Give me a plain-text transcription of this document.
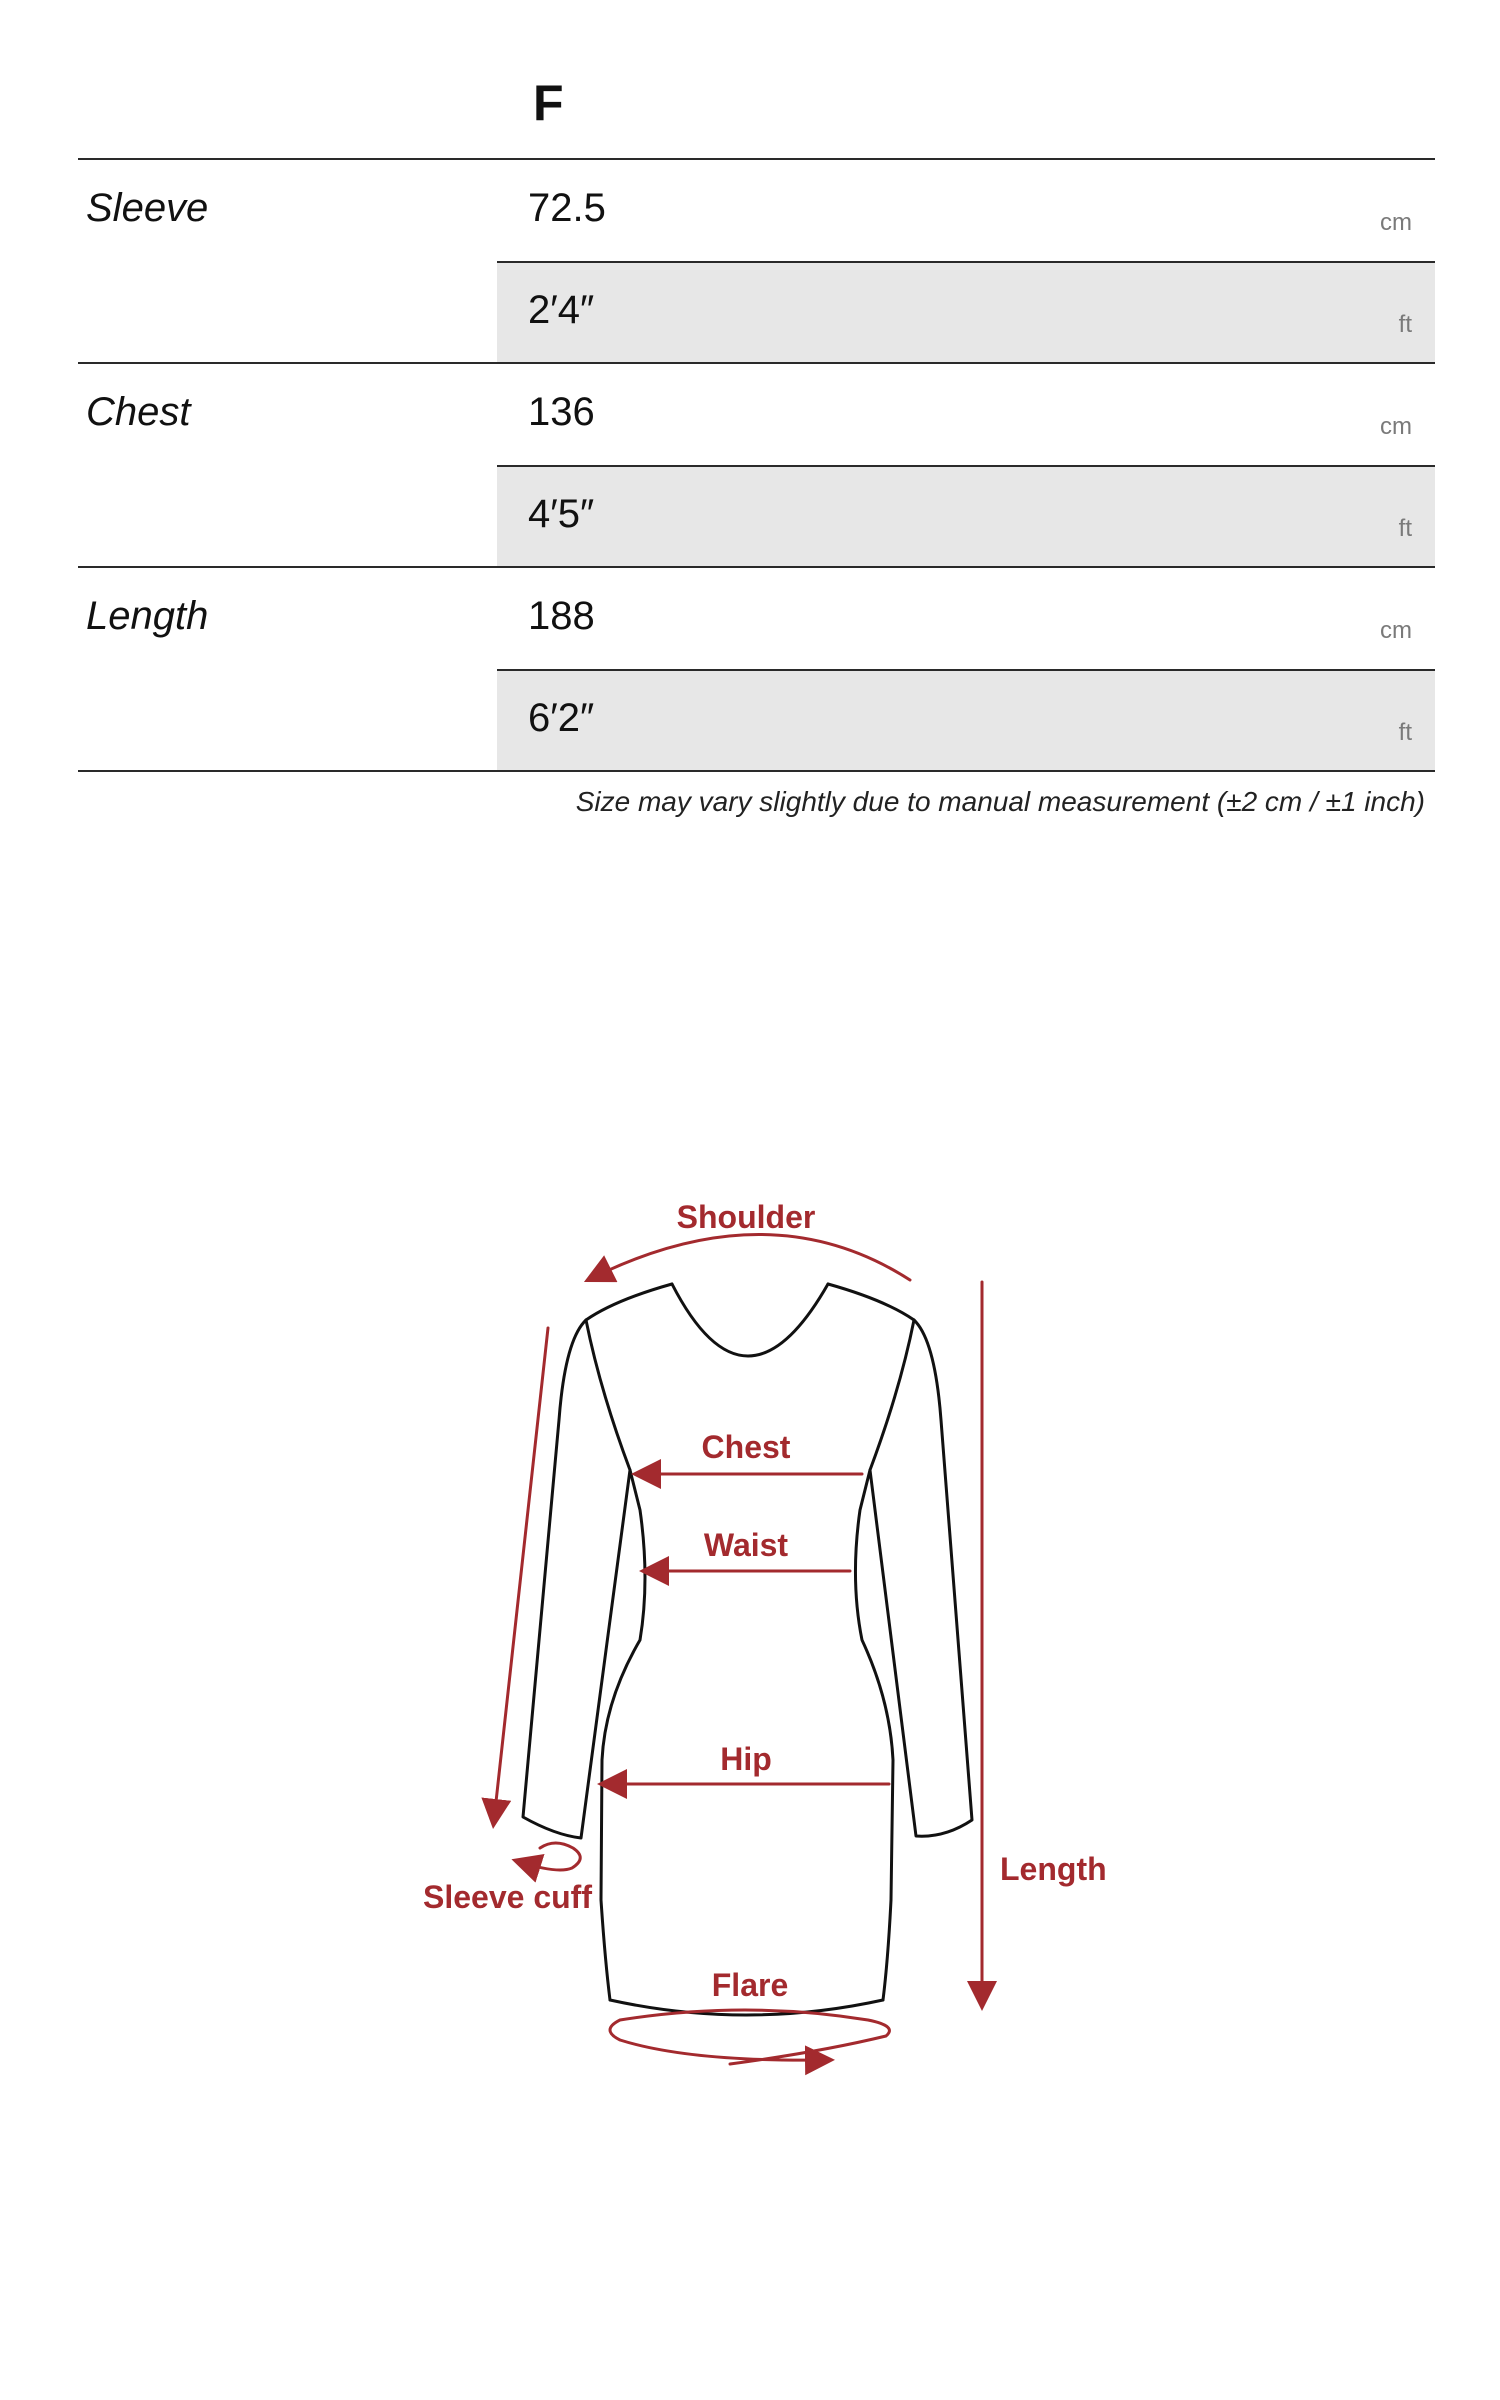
F
Sleeve	72.5	cm
2′4″	ft
Chest	136	cm
4′5″	ft
Length	188	cm
6′2″	ft
Size may vary slightly due to manual measurement (±2 cm / ±1 inch)
Shoulder
Chest
Waist
Hip
Length
Sleeve cuff
Flare
